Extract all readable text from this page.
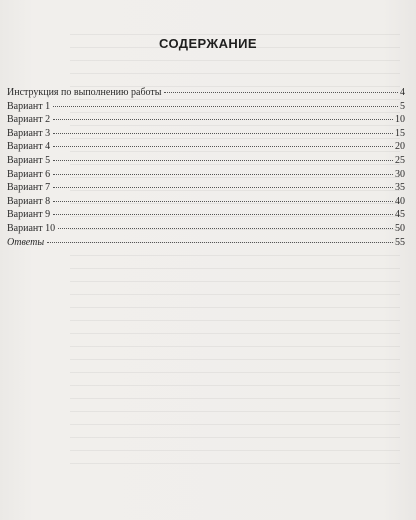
СОДЕРЖАНИЕ
Инструкция по выполнению работы	4
Вариант 1	5
Вариант 2	10
Вариант 3	15
Вариант 4	20
Вариант 5	25
Вариант 6	30
Вариант 7	35
Вариант 8	40
Вариант 9	45
Вариант 10	50
Ответы	55
